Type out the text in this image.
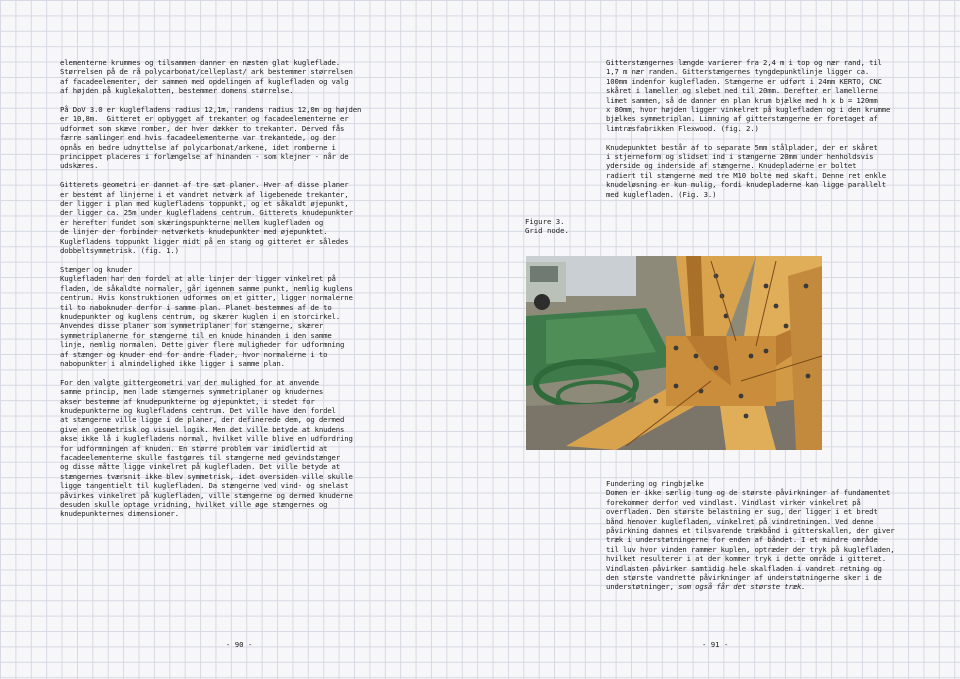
elementerne krummes og tilsammen danner en næsten glat kugleflade.
Størrelsen på de rå polycarbonat/celleplast/ ark bestemmer størrelsen
af facadeelementer, der sammen med opdelingen af kuglefladen og valg
af højden på kuglekalotten, bestemmer domens størrelse.
På DoV 3.0 er kuglefladens radius 12,1m, randens radius 12,0m og højden
er 10,8m.  Gitteret er opbygget af trekanter og facadeelementerne er
udformet som skæve romber, der hver dækker to trekanter. Derved fås
færre samlinger end hvis facadeelementerne var trekantede, og der
opnås en bedre udnyttelse af polycarbonat/arkene, idet romberne i
princippet placeres i forlængelse af hinanden - som klejner - når de
udskæres.
Gitterets geometri er dannet af tre sæt planer. Hver af disse planer
er bestemt af linjerne i et vandret netværk af ligebenede trekanter,
der ligger i plan med kuglefladens toppunkt, og et såkaldt øjepunkt,
der ligger ca. 25m under kuglefladens centrum. Gitterets knudepunkter
er herefter fundet som skæringspunkterne mellem kuglefladen og
de linjer der forbinder netværkets knudepunkter med øjepunktet.
Kuglefladens toppunkt ligger midt på en stang og gitteret er således
dobbeltsymmetrisk. (fig. 1.)
Stænger og knuder
Kuglefladen har den fordel at alle linjer der ligger vinkelret på
fladen, de såkaldte normaler, går igennem samme punkt, nemlig kuglens
centrum. Hvis konstruktionen udformes om et gitter, ligger normalerne
til to naboknuder derfor i samme plan. Planet bestemmes af de to
knudepunkter og kuglens centrum, og skærer kuglen i en storcirkel.
Anvendes disse planer som symmetriplaner for stængerne, skærer
symmetriplanerne for stængerne til en knude hinanden i den samme
linje, nemlig normalen. Dette giver flere muligheder for udformning
af stænger og knuder end for andre flader, hvor normalerne i to
nabopunkter i almindelighed ikke ligger i samme plan.
For den valgte gittergeometri var der mulighed for at anvende
samme princip, men lade stængernes symmetriplaner og knudernes
akser bestemme af knudepunkterne og øjepunktet, i stedet for
knudepunkterne og kuglefladens centrum. Det ville have den fordel
at stængerne ville ligge i de planer, der definerede dem, og dermed
give en geometrisk og visuel logik. Men det ville betyde at knudens
akse ikke lå i kuglefladens normal, hvilket ville blive en udfordring
for udformningen af knuden. En større problem var imidlertid at
facadeelementerne skulle fastgøres til stængerne med gevindstænger
og disse måtte ligge vinkelret på kuglefladen. Det ville betyde at
stængernes tværsnit ikke blev symmetrisk, idet oversiden ville skulle
ligge tangentielt til kuglefladen. Da stængerne ved vind- og snelast
påvirkes vinkelret på kuglefladen, ville stængerne og dermed knuderne
desuden skulle optage vridning, hvilket ville øge stængernes og
knudepunkternes dimensioner.
Gitterstængernes længde varierer fra 2,4 m i top og nær rand, til
1,7 m nær randen. Gitterstængernes tyngdepunktlinje ligger ca.
100mm indenfor kuglefladen. Stængerne er udført i 24mm KERTO, CNC
skåret i lameller og slebet ned til 20mm. Derefter er lamellerne
limet sammen, så de danner en plan krum bjælke med h x b = 120mm
x 80mm, hvor højden ligger vinkelret på kuglefladen og i den krumme
bjælkes symmetriplan. Limning af gitterstængerne er foretaget af
limtræsfabrikken Flexwood. (fig. 2.)
Knudepunktet består af to separate 5mm stålplader, der er skåret
i stjerneform og slidset ind i stængerne 20mm under henholdsvis
yderside og inderside af stængerne. Knudepladerne er boltet
radiert til stængerne med tre M10 bolte med skaft. Denne ret enkle
knudeløsning er kun mulig, fordi knudepladerne kan ligge parallelt
med kuglefladen. (Fig. 3.)
Figure 3.
Grid node.
Fundering og ringbjælke
Domen er ikke særlig tung og de største påvirkninger af fundamentet
forekommer derfor ved vindlast. Vindlast virker vinkelret på
overfladen. Den største belastning er sug, der ligger i et bredt
bånd henover kuglefladen, vinkelret på vindretningen. Ved denne
påvirkning dannes et tilsvarende trækbånd i gitterskallen, der giver
træk i understøtningerne for enden af båndet. I et mindre område
til luv hvor vinden rammer kuplen, optræder der tryk på kuglefladen,
hvilket resulterer i at der kommer tryk i dette område i gitteret.
Vindlasten påvirker samtidig hele skalfladen i vandret retning og
den største vandrette påvirkninger af understøtningerne sker i de
understøtninger, som også får det største træk.
- 90 -	- 91 -
